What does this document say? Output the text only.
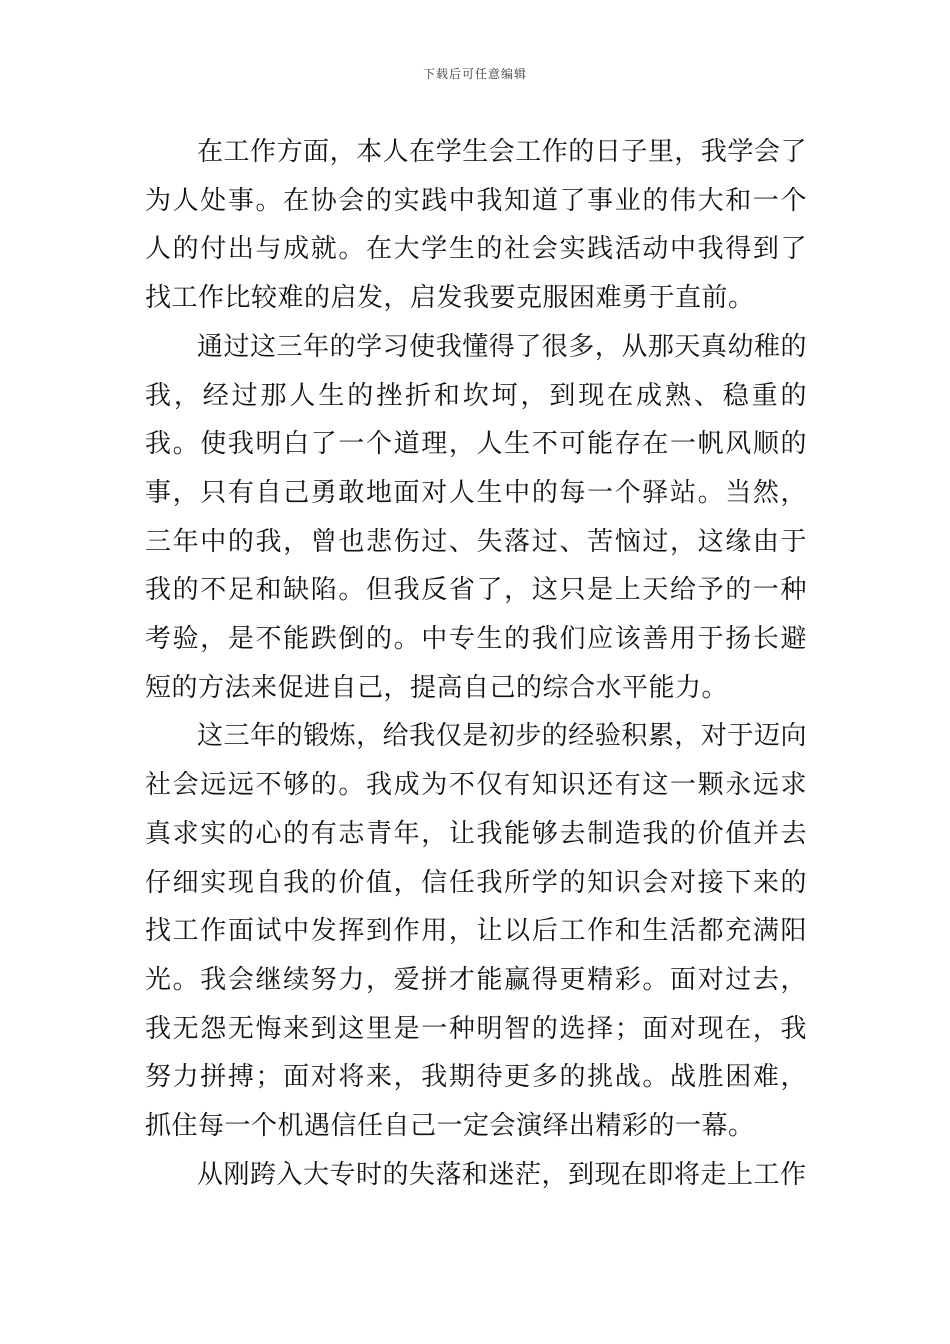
下载后可任意编辑

在工作方面，本人在学生会工作的日子里，我学会了为人处事。在协会的实践中我知道了事业的伟大和一个人的付出与成就。在大学生的社会实践活动中我得到了找工作比较难的启发，启发我要克服困难勇于直前。

通过这三年的学习使我懂得了很多，从那天真幼稚的我，经过那人生的挫折和坎坷，到现在成熟、稳重的我。使我明白了一个道理，人生不可能存在一帆风顺的事，只有自己勇敢地面对人生中的每一个驿站。当然，三年中的我，曾也悲伤过、失落过、苦恼过，这缘由于我的不足和缺陷。但我反省了，这只是上天给予的一种考验，是不能跌倒的。中专生的我们应该善用于扬长避短的方法来促进自己，提高自己的综合水平能力。

这三年的锻炼，给我仅是初步的经验积累，对于迈向社会远远不够的。我成为不仅有知识还有这一颗永远求真求实的心的有志青年，让我能够去制造我的价值并去仔细实现自我的价值，信任我所学的知识会对接下来的找工作面试中发挥到作用，让以后工作和生活都充满阳光。我会继续努力，爱拼才能赢得更精彩。面对过去，我无怨无悔来到这里是一种明智的选择；面对现在，我努力拼搏；面对将来，我期待更多的挑战。战胜困难，抓住每一个机遇信任自己一定会演绎出精彩的一幕。

从刚跨入大专时的失落和迷茫，到现在即将走上工作
